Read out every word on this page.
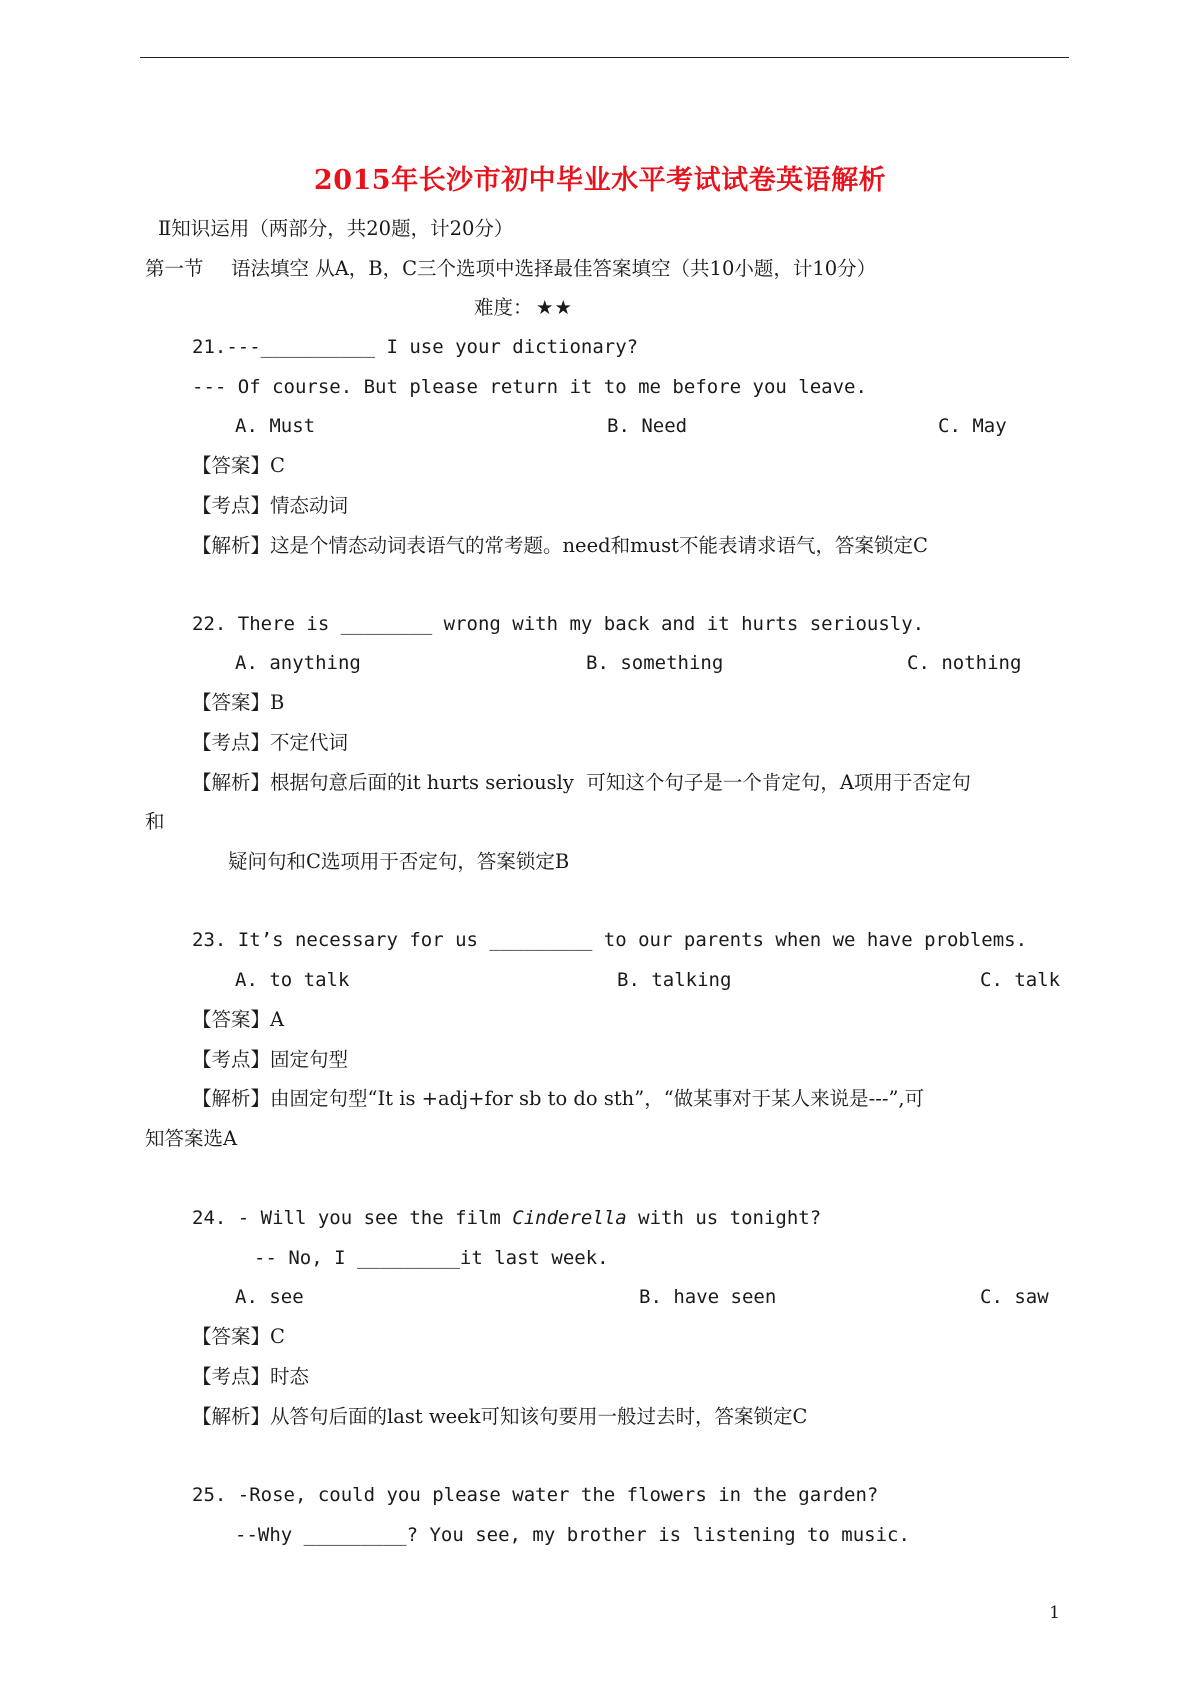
2015年长沙市初中毕业水平考试试卷英语解析
Ⅱ知识运用（两部分，共20题，计20分）
第一节 语法填空 从A，B，C三个选项中选择最佳答案填空（共10小题，计10分）
难度： ★★
21.---__________ I use your dictionary?
--- Of course. But please return it to me before you leave.
A. Must	B. Need	C. May
【答案】C
【考点】情态动词
【解析】这是个情态动词表语气的常考题。need和must不能表请求语气，答案锁定C
22. There is ________ wrong with my back and it hurts seriously.
A. anything	B. something	C. nothing
【答案】B
【考点】不定代词
【解析】根据句意后面的it hurts seriously  可知这个句子是一个肯定句，A项用于否定句
和
疑问句和C选项用于否定句，答案锁定B
23. It’s necessary for us _________ to our parents when we have problems.
A. to talk	B. talking	C. talk
【答案】A
【考点】固定句型
【解析】由固定句型“It is +adj+for sb to do sth”，“做某事对于某人来说是---”,可
知答案选A
24. - Will you see the film Cinderella with us tonight?
-- No, I _________it last week.
A. see	B. have seen	C. saw
【答案】C
【考点】时态
【解析】从答句后面的last week可知该句要用一般过去时，答案锁定C
25. -Rose, could you please water the flowers in the garden?
--Why _________? You see, my brother is listening to music.
1
